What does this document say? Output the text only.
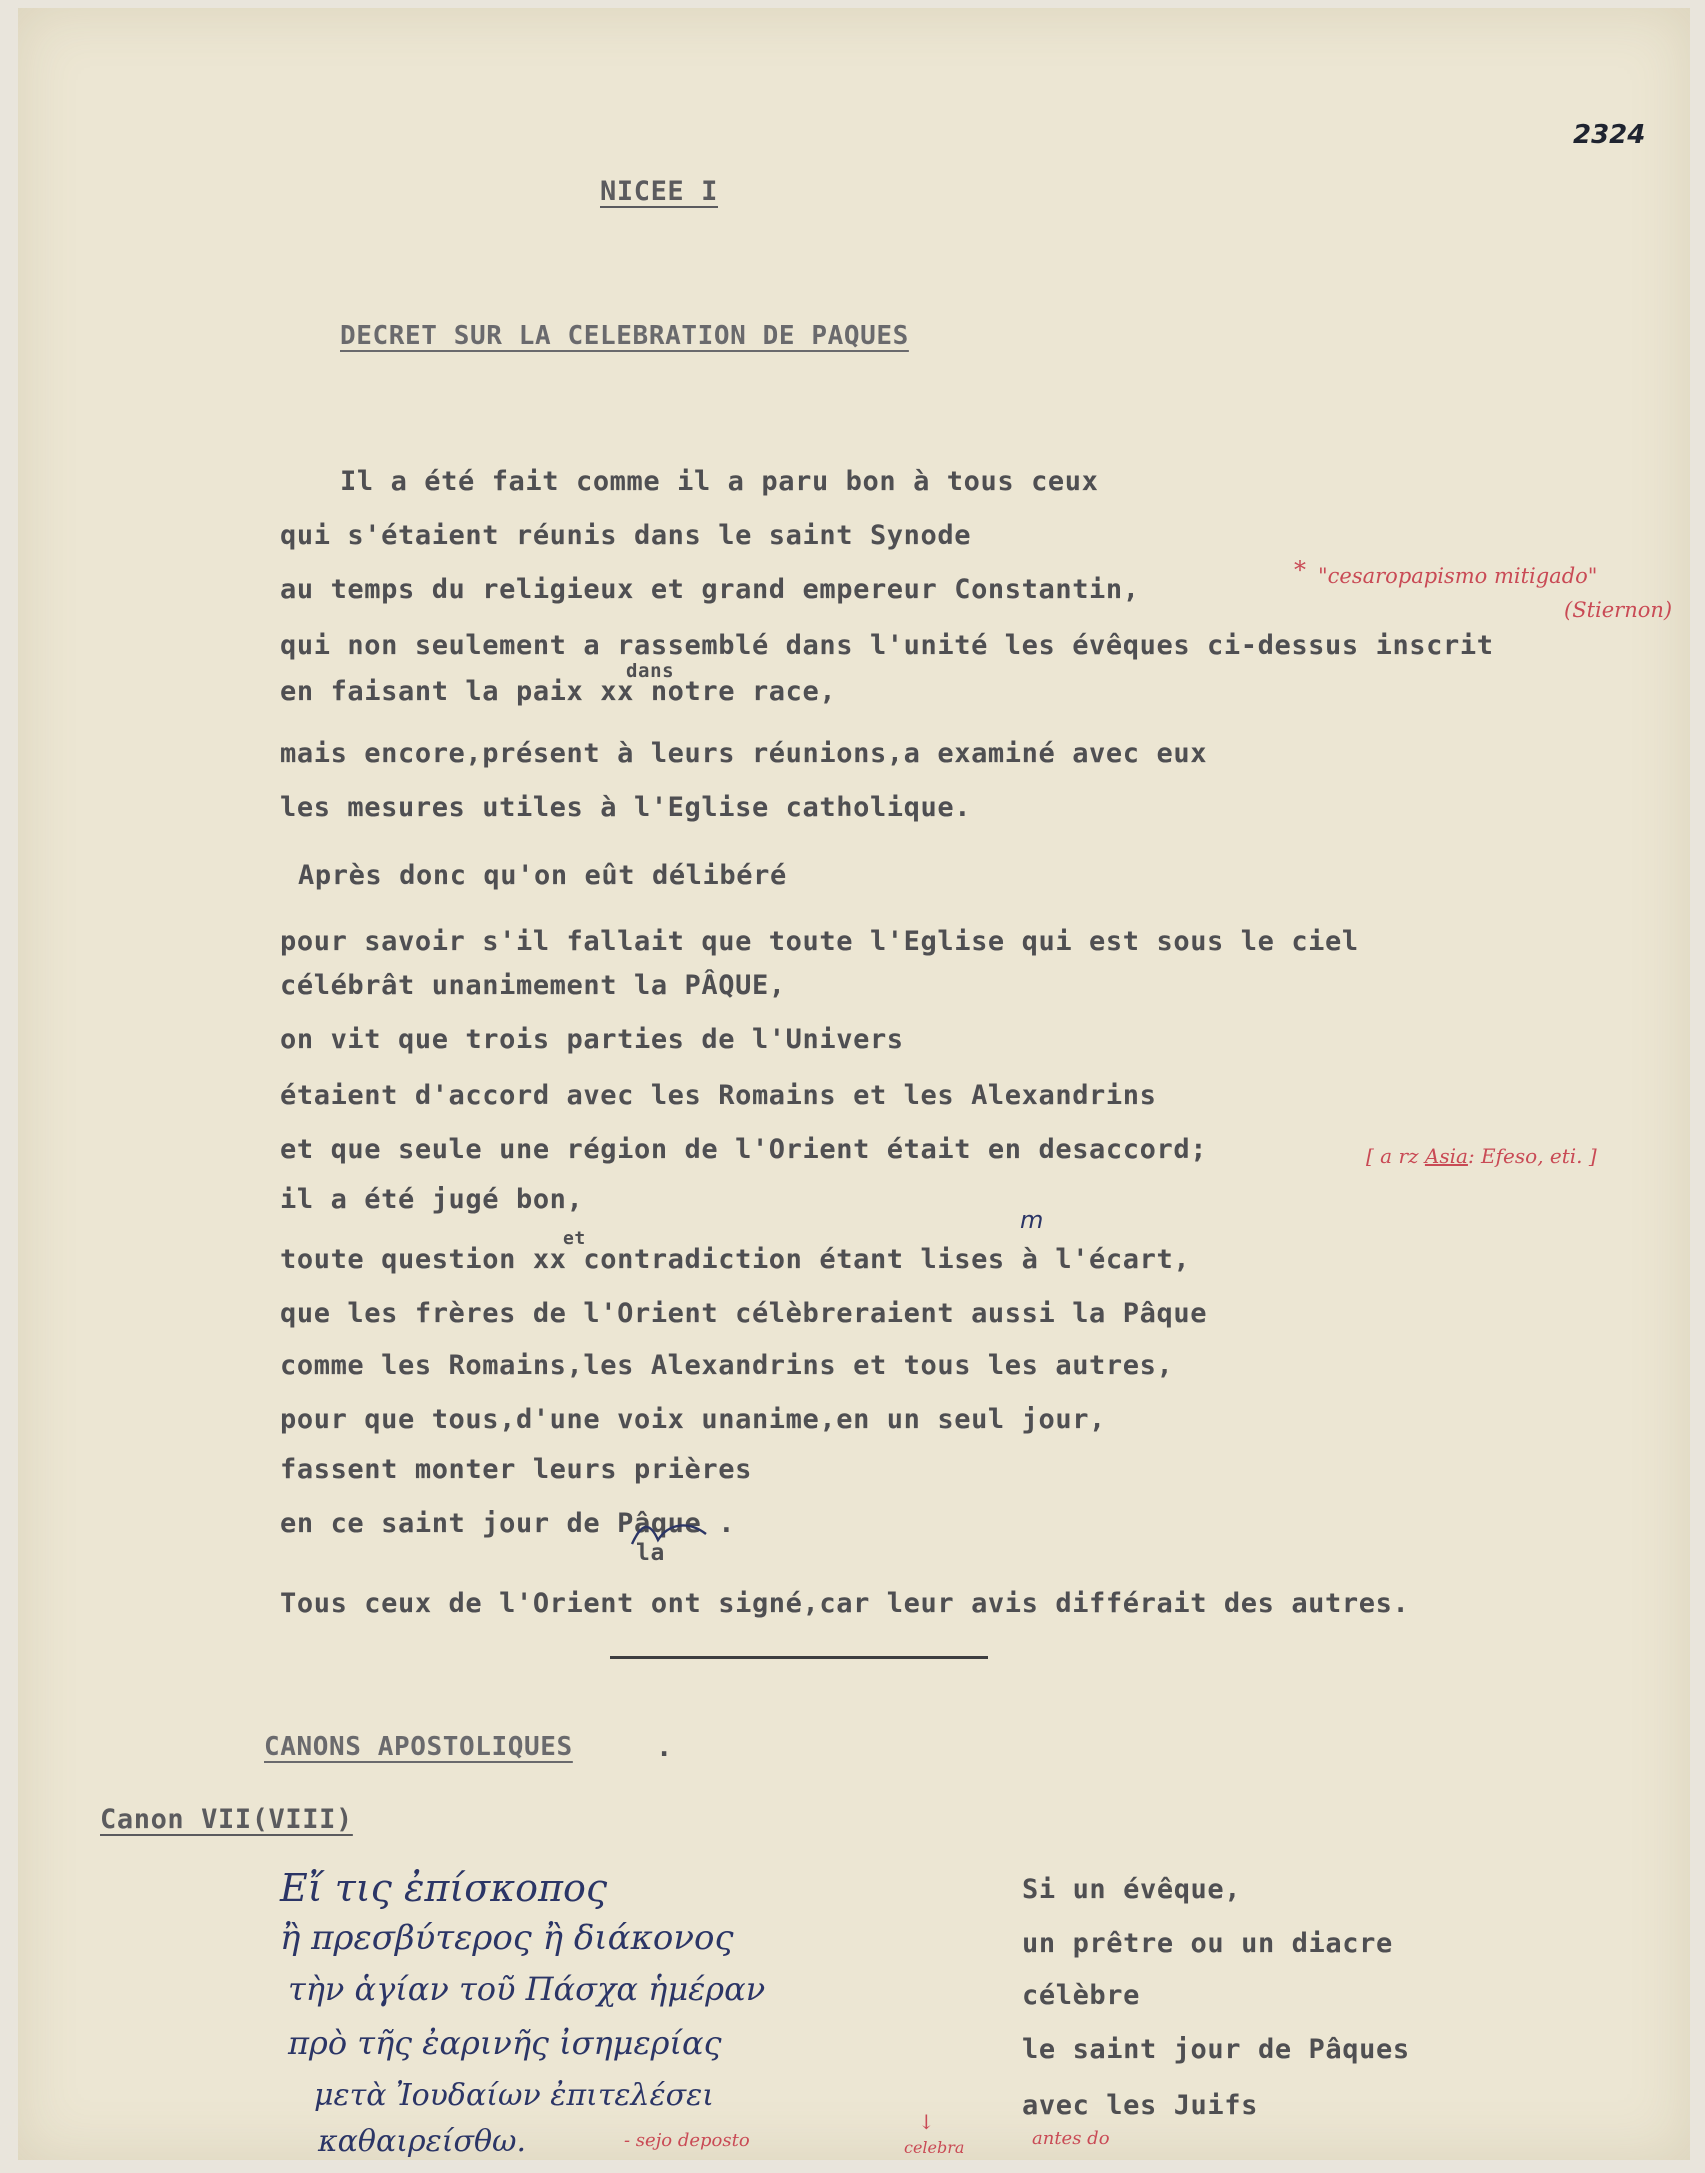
2324
NICEE I
DECRET SUR LA CELEBRATION DE PAQUES
Il a été fait comme il a paru bon à tous ceux
qui s'étaient réunis dans le saint Synode
au temps du religieux et grand empereur Constantin,
qui non seulement a rassemblé dans l'unité les évêques ci-dessus inscrit
en faisant la paix xx notre race,
mais encore,présent à leurs réunions,a examiné avec eux
les mesures utiles à l'Eglise catholique.
Après donc qu'on eût délibéré
pour savoir s'il fallait que toute l'Eglise qui est sous le ciel
célébrât unanimement la PÂQUE,
on vit que trois parties de l'Univers
étaient d'accord avec les Romains et les Alexandrins
et que seule une région de l'Orient était en desaccord;
il a été jugé bon,
toute question xx contradiction étant lises à l'écart,
que les frères de l'Orient célèbreraient aussi la Pâque
comme les Romains,les Alexandrins et tous les autres,
pour que tous,d'une voix unanime,en un seul jour,
fassent monter leurs prières
en ce saint jour de Pâque .
Tous ceux de l'Orient ont signé,car leur avis différait des autres.
dans
et
m
la
* "cesaropapismo mitigado"
(Stiernon)
[ a rz Asia: Efeso, eti. ]
CANONS APOSTOLIQUES	.
Canon VII(VIII)
Εἴ τις ἐπίσκοπος
ἢ πρεσβύτερος ἢ διάκονος
τὴν ἁγίαν τοῦ Πάσχα ἡμέραν
πρὸ τῆς ἐαρινῆς ἰσημερίας
μετὰ Ἰουδαίων ἐπιτελέσει
καθαιρείσθω.	- sejo deposto
↓
celebra	antes do
Si un évêque,
un prêtre ou un diacre
célèbre
le saint jour de Pâques
avec les Juifs
